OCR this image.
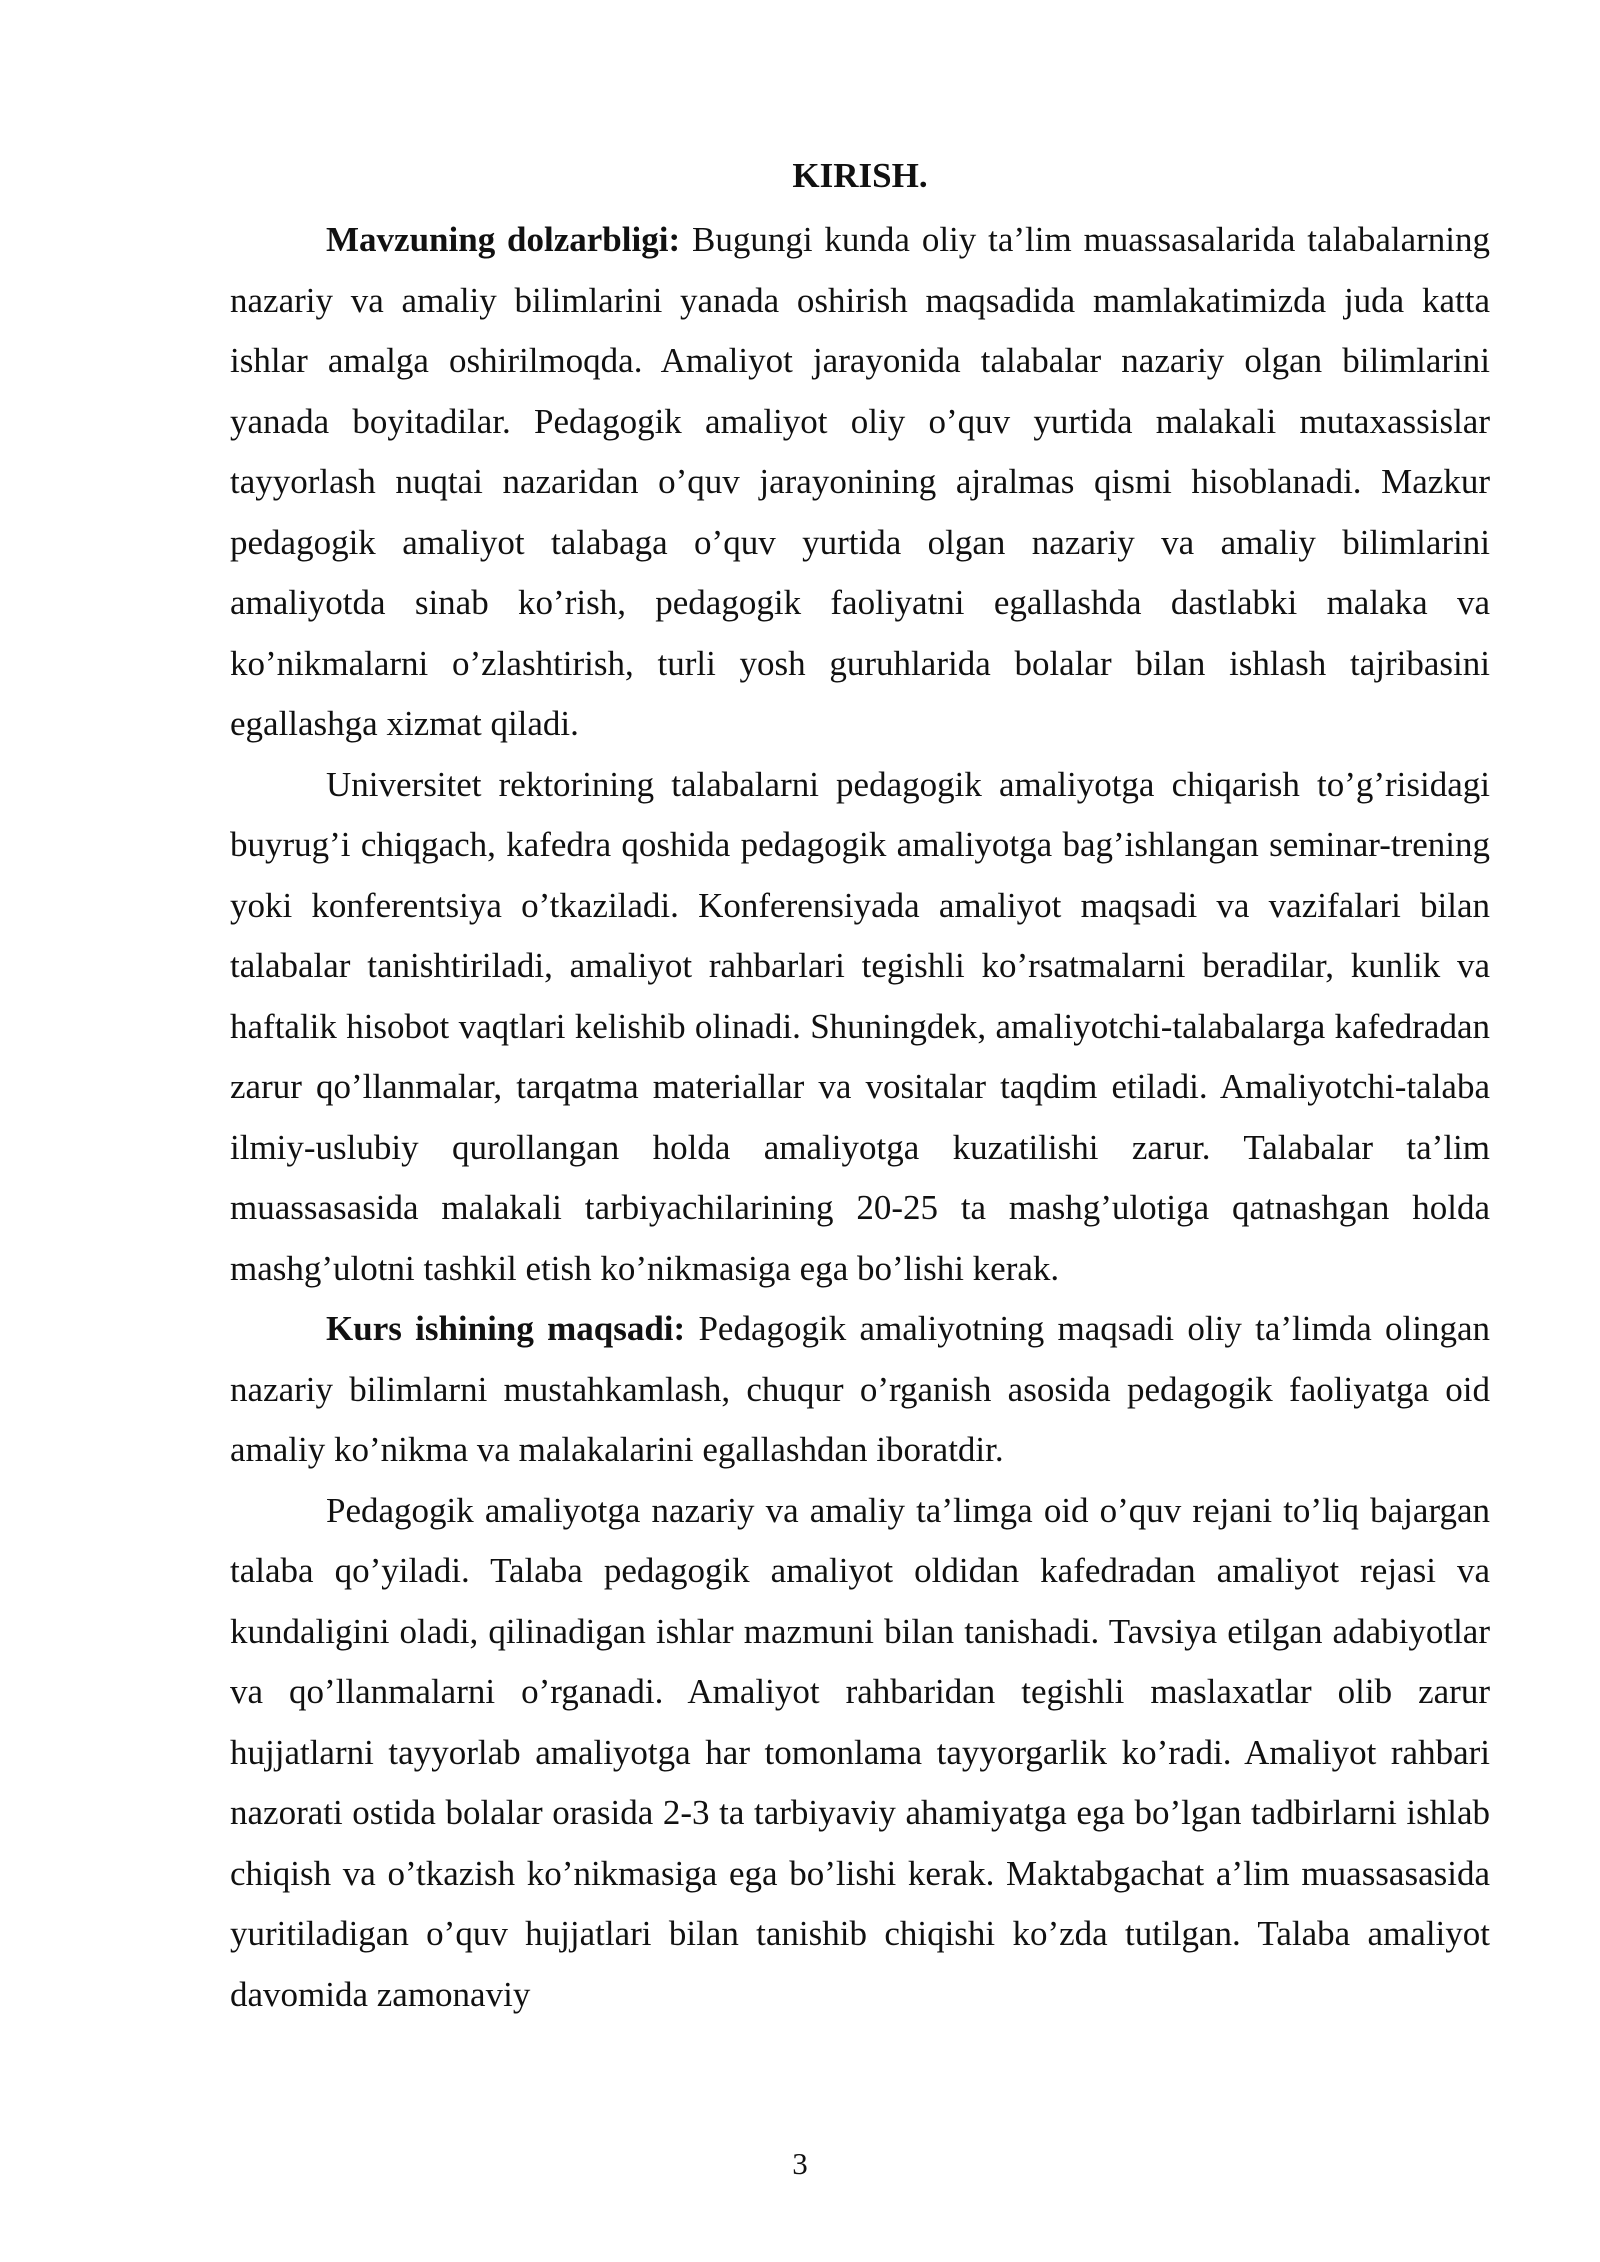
KIRISH.

Mavzuning dolzarbligi: Bugungi kunda oliy ta’lim muassasalarida talabalarning nazariy va amaliy bilimlarini yanada oshirish maqsadida mamlakatimizda juda katta ishlar amalga oshirilmoqda. Amaliyot jarayonida talabalar nazariy olgan bilimlarini yanada boyitadilar. Pedagogik amaliyot oliy o’quv yurtida malakali mutaxassislar tayyorlash nuqtai nazaridan o’quv jarayonining ajralmas qismi hisoblanadi. Mazkur pedagogik amaliyot talabaga o’quv yurtida olgan nazariy va amaliy bilimlarini amaliyotda sinab ko’rish, pedagogik faoliyatni egallashda dastlabki malaka va ko’nikmalarni o’zlashtirish, turli yosh guruhlarida bolalar bilan ishlash tajribasini egallashga xizmat qiladi.

Universitet rektorining talabalarni pedagogik amaliyotga chiqarish to’g’risidagi buyrug’i chiqgach, kafedra qoshida pedagogik amaliyotga bag’ishlangan seminar-trening yoki konferentsiya o’tkaziladi. Konferensiyada amaliyot maqsadi va vazifalari bilan talabalar tanishtiriladi, amaliyot rahbarlari tegishli ko’rsatmalarni beradilar, kunlik va haftalik hisobot vaqtlari kelishib olinadi. Shuningdek, amaliyotchi-talabalarga kafedradan zarur qo’llanmalar, tarqatma materiallar va vositalar taqdim etiladi. Amaliyotchi-talaba ilmiy-uslubiy qurollangan holda amaliyotga kuzatilishi zarur. Talabalar ta’lim muassasasida malakali tarbiyachilarining 20-25 ta mashg’ulotiga qatnashgan holda mashg’ulotni tashkil etish ko’nikmasiga ega bo’lishi kerak.

Kurs ishining maqsadi: Pedagogik amaliyotning maqsadi oliy ta’limda olingan nazariy bilimlarni mustahkamlash, chuqur o’rganish asosida pedagogik faoliyatga oid amaliy ko’nikma va malakalarini egallashdan iboratdir.

Pedagogik amaliyotga nazariy va amaliy ta’limga oid o’quv rejani to’liq bajargan talaba qo’yiladi. Talaba pedagogik amaliyot oldidan kafedradan amaliyot rejasi va kundaligini oladi, qilinadigan ishlar mazmuni bilan tanishadi. Tavsiya etilgan adabiyotlar va qo’llanmalarni o’rganadi. Amaliyot rahbaridan tegishli maslaxatlar olib zarur hujjatlarni tayyorlab amaliyotga har tomonlama tayyorgarlik ko’radi. Amaliyot rahbari nazorati ostida bolalar orasida 2-3 ta tarbiyaviy ahamiyatga ega bo’lgan tadbirlarni ishlab chiqish va o’tkazish ko’nikmasiga ega bo’lishi kerak. Maktabgachat a’lim muassasasida yuritiladigan o’quv hujjatlari bilan tanishib chiqishi ko’zda tutilgan. Talaba amaliyot davomida zamonaviy

3
